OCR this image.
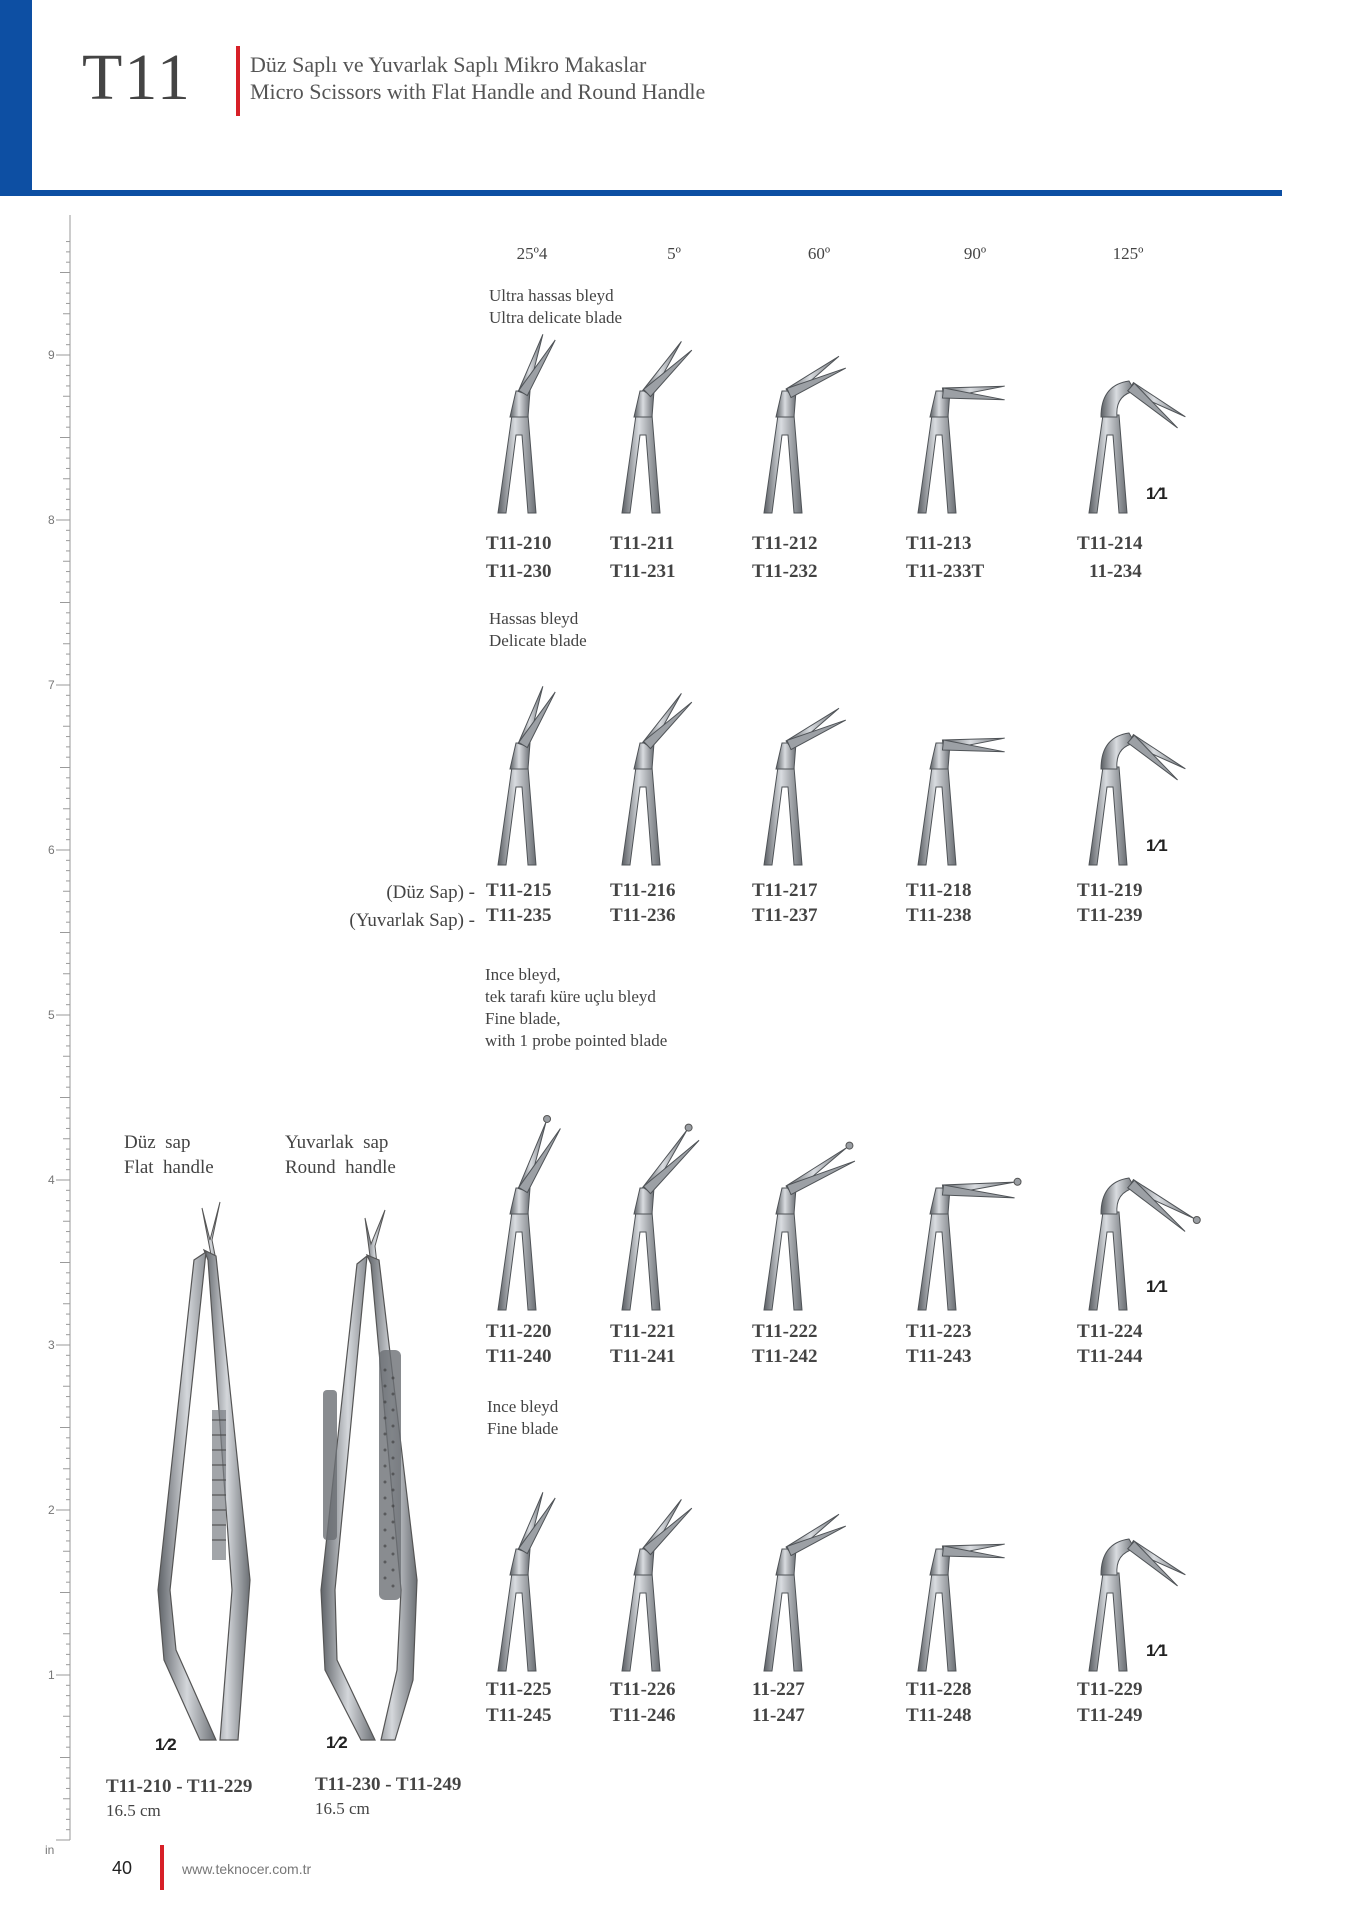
T11	Düz Saplı ve Yuvarlak Saplı Mikro Makaslar
Micro Scissors with Flat Handle and Round Handle
25º4	5º	60º	90º	125º
Ultra hassas bleyd
Ultra delicate blade
Hassas bleyd
Delicate blade
(Düz Sap) -
(Yuvarlak Sap) -
Ince bleyd,
tek tarafı küre uçlu bleyd
Fine blade,
with 1 probe pointed blade
Ince bleyd
Fine blade
T11-210	T11-211	T11-212	T11-213	T11-214
T11-230	T11-231	T11-232	T11-233T	11-234
1⁄1
T11-215	T11-216	T11-217	T11-218	T11-219
T11-235	T11-236	T11-237	T11-238	T11-239
1⁄1
T11-220	T11-221	T11-222	T11-223	T11-224
T11-240	T11-241	T11-242	T11-243	T11-244
1⁄1
T11-225	T11-226	11-227	T11-228	T11-229
T11-245	T11-246	11-247	T11-248	T11-249
1⁄1
Düz  sap
Flat  handle
Yuvarlak  sap
Round  handle
1⁄2	1⁄2
T11-210 - T11-229
16.5 cm
T11-230 - T11-249
16.5 cm
9
8
7
6
5
4
3
2
1
in
40	www.teknocer.com.tr
